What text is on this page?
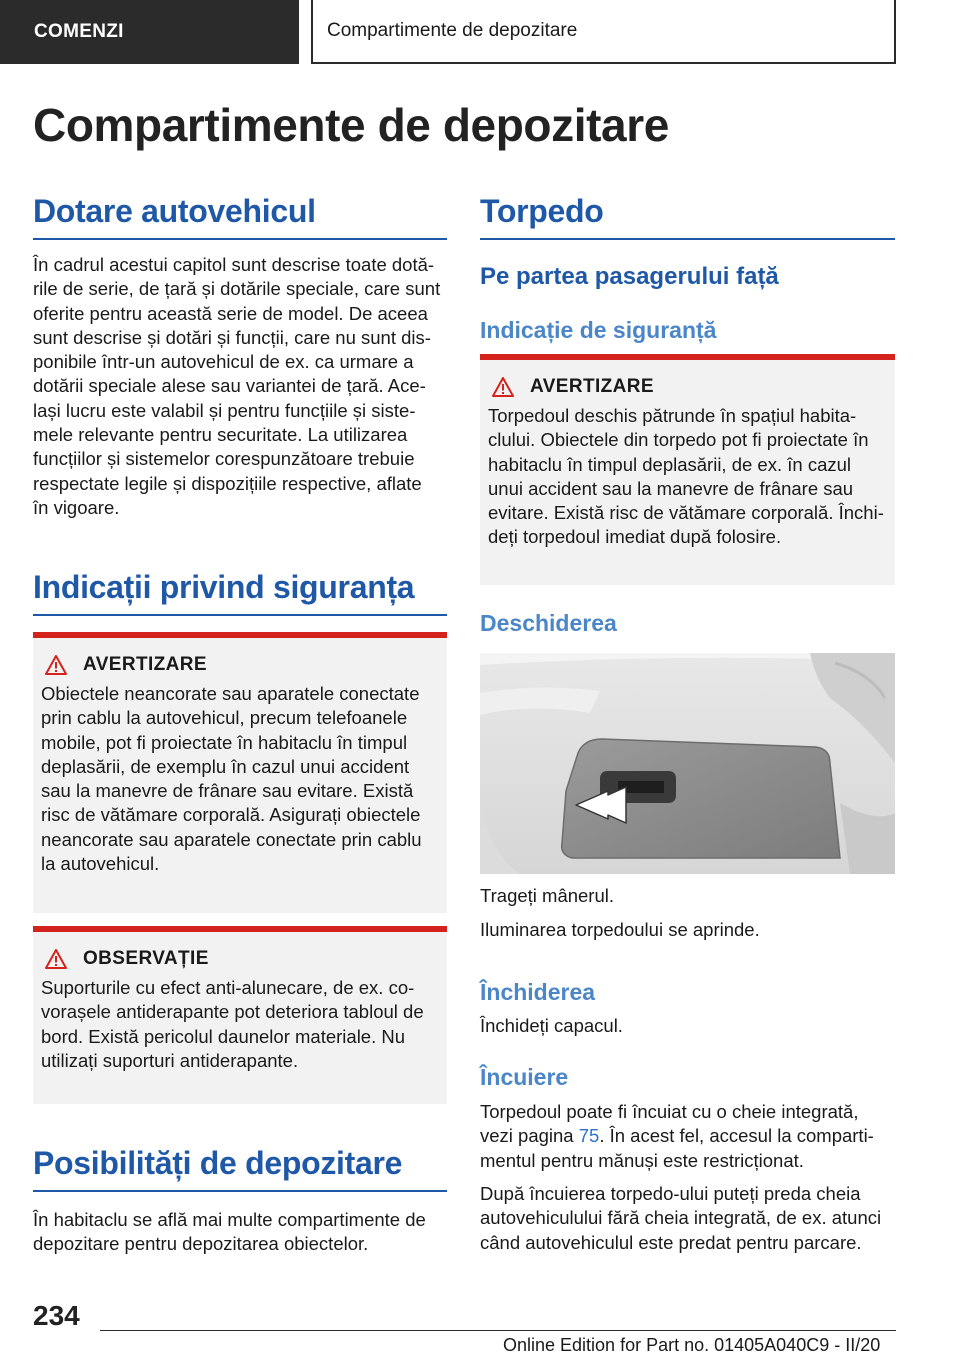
COMENZI	Compartimente de depozitare
Compartimente de depozitare
Dotare autovehicul
În cadrul acestui capitol sunt descrise toate dotă-
rile de serie, de țară și dotările speciale, care sunt
oferite pentru această serie de model. De aceea
sunt descrise și dotări și funcții, care nu sunt dis-
ponibile într-un autovehicul de ex. ca urmare a
dotării speciale alese sau variantei de țară. Ace-
lași lucru este valabil și pentru funcțiile și siste-
mele relevante pentru securitate. La utilizarea
funcțiilor și sistemelor corespunzătoare trebuie
respectate legile și dispozițiile respective, aflate
în vigoare.
Indicații privind siguranța
AVERTIZARE
Obiectele neancorate sau aparatele conectate
prin cablu la autovehicul, precum telefoanele
mobile, pot fi proiectate în habitaclu în timpul
deplasării, de exemplu în cazul unui accident
sau la manevre de frânare sau evitare. Există
risc de vătămare corporală. Asigurați obiectele
neancorate sau aparatele conectate prin cablu
la autovehicul.
OBSERVAȚIE
Suporturile cu efect anti-alunecare, de ex. co-
vorașele antiderapante pot deteriora tabloul de
bord. Există pericolul daunelor materiale. Nu
utilizați suporturi antiderapante.
Posibilități de depozitare
În habitaclu se află mai multe compartimente de
depozitare pentru depozitarea obiectelor.
Torpedo
Pe partea pasagerului față
Indicație de siguranță
AVERTIZARE
Torpedoul deschis pătrunde în spațiul habita-
clului. Obiectele din torpedo pot fi proiectate în
habitaclu în timpul deplasării, de ex. în cazul
unui accident sau la manevre de frânare sau
evitare. Există risc de vătămare corporală. Închi-
deți torpedoul imediat după folosire.
Deschiderea

Trageți mânerul.

Iluminarea torpedoului se aprinde.

Închiderea

Închideți capacul.

Încuiere
Torpedoul poate fi încuiat cu o cheie integrată,
vezi pagina 75. În acest fel, accesul la comparti-
mentul pentru mănuși este restricționat.
După încuierea torpedo-ului puteți preda cheia
autovehiculului fără cheia integrată, de ex. atunci
când autovehiculul este predat pentru parcare.
234
Online Edition for Part no. 01405A040C9 - II/20
